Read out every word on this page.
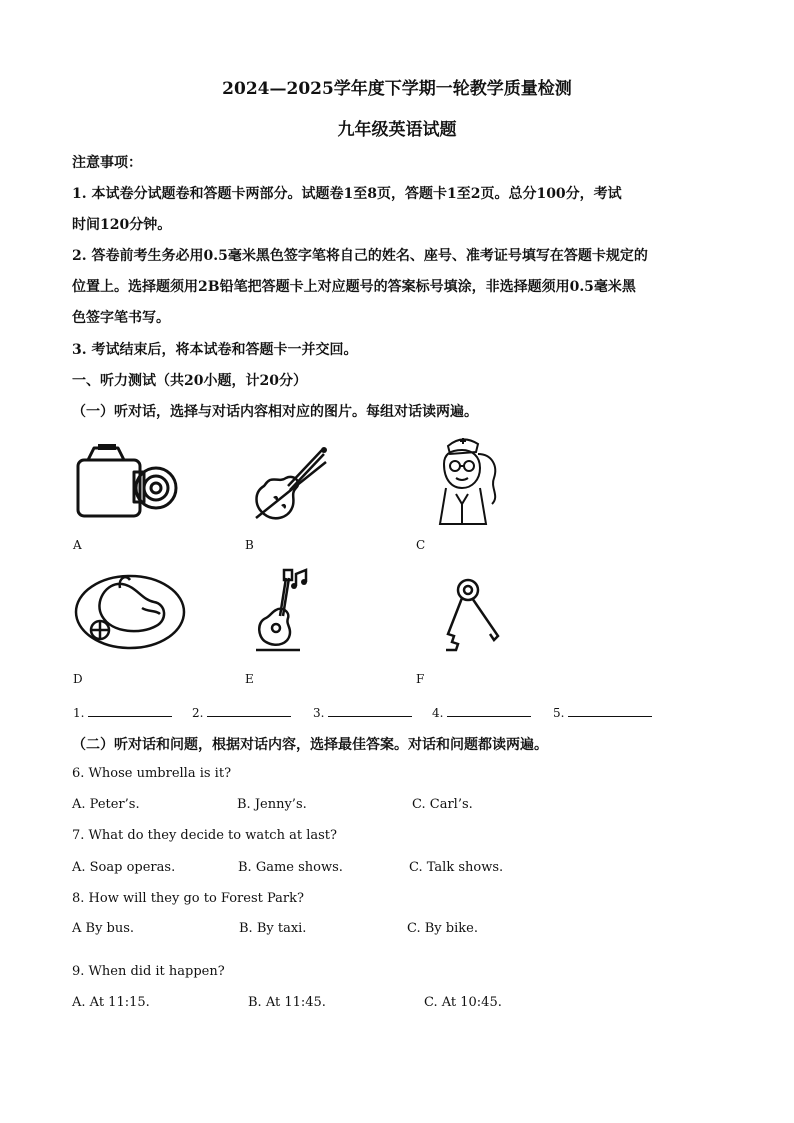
2024—2025学年度下学期一轮教学质量检测
九年级英语试题
注意事项：
1. 本试卷分试题卷和答题卡两部分。试题卷1至8页，答题卡1至2页。总分100分，考试
时间120分钟。
2. 答卷前考生务必用0.5毫米黑色签字笔将自己的姓名、座号、准考证号填写在答题卡规定的
位置上。选择题须用2B铅笔把答题卡上对应题号的答案标号填涂，非选择题须用0.5毫米黑
色签字笔书写。
3. 考试结束后，将本试卷和答题卡一并交回。
一、听力测试（共20小题，计20分）
（一）听对话，选择与对话内容相对应的图片。每组对话读两遍。
A	B	C
D	E	F
1.	2.	3.	4.	5.
（二）听对话和问题，根据对话内容，选择最佳答案。对话和问题都读两遍。
6. Whose umbrella is it?
A. Peter’s.	B. Jenny’s.	C. Carl’s.
7. What do they decide to watch at last?
A. Soap operas.	B. Game shows.	C. Talk shows.
8. How will they go to Forest Park?
A By bus.	B. By taxi.	C. By bike.
9. When did it happen?
A. At 11:15.	B. At 11:45.	C. At 10:45.
